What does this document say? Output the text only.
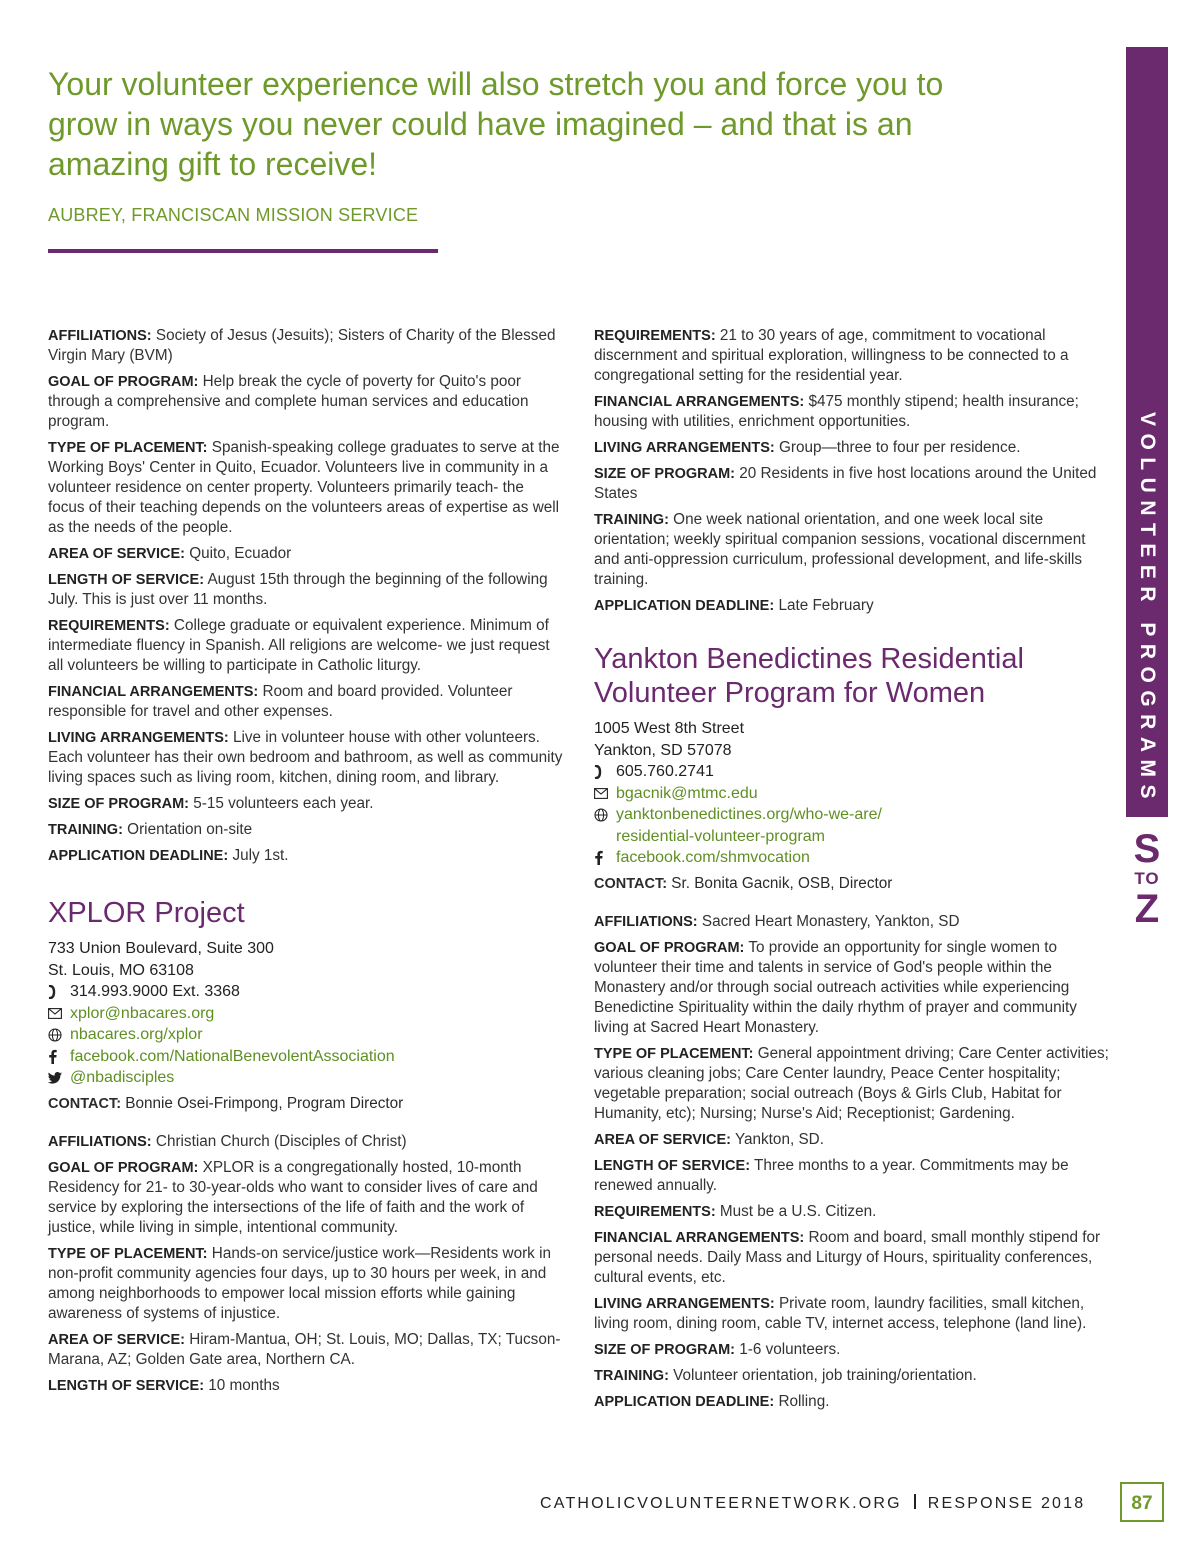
Your volunteer experience will also stretch you and force you to grow in ways you never could have imagined – and that is an amazing gift to receive!
AUBREY, FRANCISCAN MISSION SERVICE
AFFILIATIONS: Society of Jesus (Jesuits); Sisters of Charity of the Blessed Virgin Mary (BVM)
GOAL OF PROGRAM: Help break the cycle of poverty for Quito's poor through a comprehensive and complete human services and education program.
TYPE OF PLACEMENT: Spanish-speaking college graduates to serve at the Working Boys' Center in Quito, Ecuador. Volunteers live in community in a volunteer residence on center property. Volunteers primarily teach- the focus of their teaching depends on the volunteers areas of expertise as well as the needs of the people.
AREA OF SERVICE: Quito, Ecuador
LENGTH OF SERVICE: August 15th through the beginning of the following July. This is just over 11 months.
REQUIREMENTS: College graduate or equivalent experience. Minimum of intermediate fluency in Spanish. All religions are welcome- we just request all volunteers be willing to participate in Catholic liturgy.
FINANCIAL ARRANGEMENTS: Room and board provided. Volunteer responsible for travel and other expenses.
LIVING ARRANGEMENTS: Live in volunteer house with other volunteers. Each volunteer has their own bedroom and bathroom, as well as community living spaces such as living room, kitchen, dining room, and library.
SIZE OF PROGRAM: 5-15 volunteers each year.
TRAINING: Orientation on-site
APPLICATION DEADLINE: July 1st.
XPLOR Project
733 Union Boulevard, Suite 300
St. Louis, MO 63108
314.993.9000 Ext. 3368
xplor@nbacares.org
nbacares.org/xplor
facebook.com/NationalBenevolentAssociation
@nbadisciples
CONTACT: Bonnie Osei-Frimpong, Program Director
AFFILIATIONS: Christian Church (Disciples of Christ)
GOAL OF PROGRAM: XPLOR is a congregationally hosted, 10-month Residency for 21- to 30-year-olds who want to consider lives of care and service by exploring the intersections of the life of faith and the work of justice, while living in simple, intentional community.
TYPE OF PLACEMENT: Hands-on service/justice work—Residents work in non-profit community agencies four days, up to 30 hours per week, in and among neighborhoods to empower local mission efforts while gaining awareness of systems of injustice.
AREA OF SERVICE: Hiram-Mantua, OH; St. Louis, MO; Dallas, TX; Tucson-Marana, AZ; Golden Gate area, Northern CA.
LENGTH OF SERVICE: 10 months
REQUIREMENTS: 21 to 30 years of age, commitment to vocational discernment and spiritual exploration, willingness to be connected to a congregational setting for the residential year.
FINANCIAL ARRANGEMENTS: $475 monthly stipend; health insurance; housing with utilities, enrichment opportunities.
LIVING ARRANGEMENTS: Group—three to four per residence.
SIZE OF PROGRAM: 20 Residents in five host locations around the United States
TRAINING: One week national orientation, and one week local site orientation; weekly spiritual companion sessions, vocational discernment and anti-oppression curriculum, professional development, and life-skills training.
APPLICATION DEADLINE: Late February
Yankton Benedictines Residential Volunteer Program for Women
1005 West 8th Street
Yankton, SD 57078
605.760.2741
bgacnik@mtmc.edu
yanktonbenedictines.org/who-we-are/
residential-volunteer-program
facebook.com/shmvocation
CONTACT: Sr. Bonita Gacnik, OSB, Director
AFFILIATIONS: Sacred Heart Monastery, Yankton, SD
GOAL OF PROGRAM: To provide an opportunity for single women to volunteer their time and talents in service of God's people within the Monastery and/or through social outreach activities while experiencing Benedictine Spirituality within the daily rhythm of prayer and community living at Sacred Heart Monastery.
TYPE OF PLACEMENT: General appointment driving; Care Center activities; various cleaning jobs; Care Center laundry, Peace Center hospitality; vegetable preparation; social outreach (Boys & Girls Club, Habitat for Humanity, etc); Nursing; Nurse's Aid; Receptionist; Gardening.
AREA OF SERVICE: Yankton, SD.
LENGTH OF SERVICE: Three months to a year. Commitments may be renewed annually.
REQUIREMENTS: Must be a U.S. Citizen.
FINANCIAL ARRANGEMENTS: Room and board, small monthly stipend for personal needs. Daily Mass and Liturgy of Hours, spirituality conferences, cultural events, etc.
LIVING ARRANGEMENTS: Private room, laundry facilities, small kitchen, living room, dining room, cable TV, internet access, telephone (land line).
SIZE OF PROGRAM: 1-6 volunteers.
TRAINING: Volunteer orientation, job training/orientation.
APPLICATION DEADLINE: Rolling.
VOLUNTEER PROGRAMS
S
TO
Z
CATHOLICVOLUNTEERNETWORK.ORG RESPONSE 2018	87
